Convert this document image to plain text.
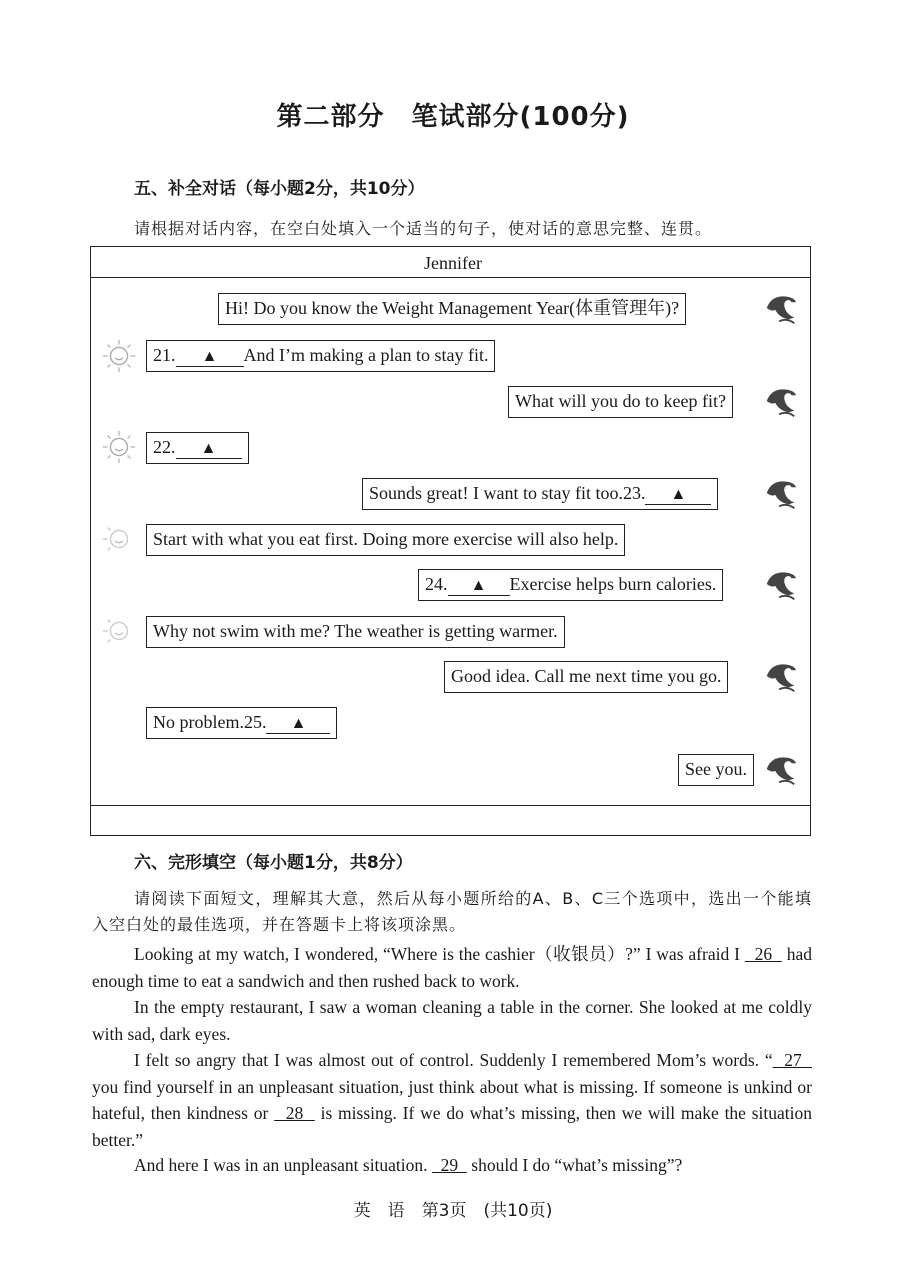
第二部分　笔试部分(100分)
五、补全对话（每小题2分，共10分）
请根据对话内容，在空白处填入一个适当的句子，使对话的意思完整、连贯。
Jennifer
Hi! Do you know the Weight Management Year(体重管理年)?
21. ▲ And I’m making a plan to stay fit.
What will you do to keep fit?
22. ▲
Sounds great! I want to stay fit too.23. ▲
Start with what you eat first. Doing more exercise will also help.
24. ▲ Exercise helps burn calories.
Why not swim with me? The weather is getting warmer.
Good idea. Call me next time you go.
No problem.25. ▲
See you.
六、完形填空（每小题1分，共8分）
请阅读下面短文，理解其大意，然后从每小题所给的A、B、C三个选项中，选出一个能填入空白处的最佳选项，并在答题卡上将该项涂黑。
Looking at my watch, I wondered, “Where is the cashier（收银员）?” I was afraid I   26   had enough time to eat a sandwich and then rushed back to work.
In the empty restaurant, I saw a woman cleaning a table in the corner. She looked at me coldly with sad, dark eyes.
I felt so angry that I was almost out of control. Suddenly I remembered Mom’s words. “  27   you find yourself in an unpleasant situation, just think about what is missing. If someone is unkind or hateful, then kindness or   28   is missing. If we do what’s missing, then we will make the situation better.”
And here I was in an unpleasant situation.   29   should I do “what’s missing”?
英　语　第3页　(共10页)
